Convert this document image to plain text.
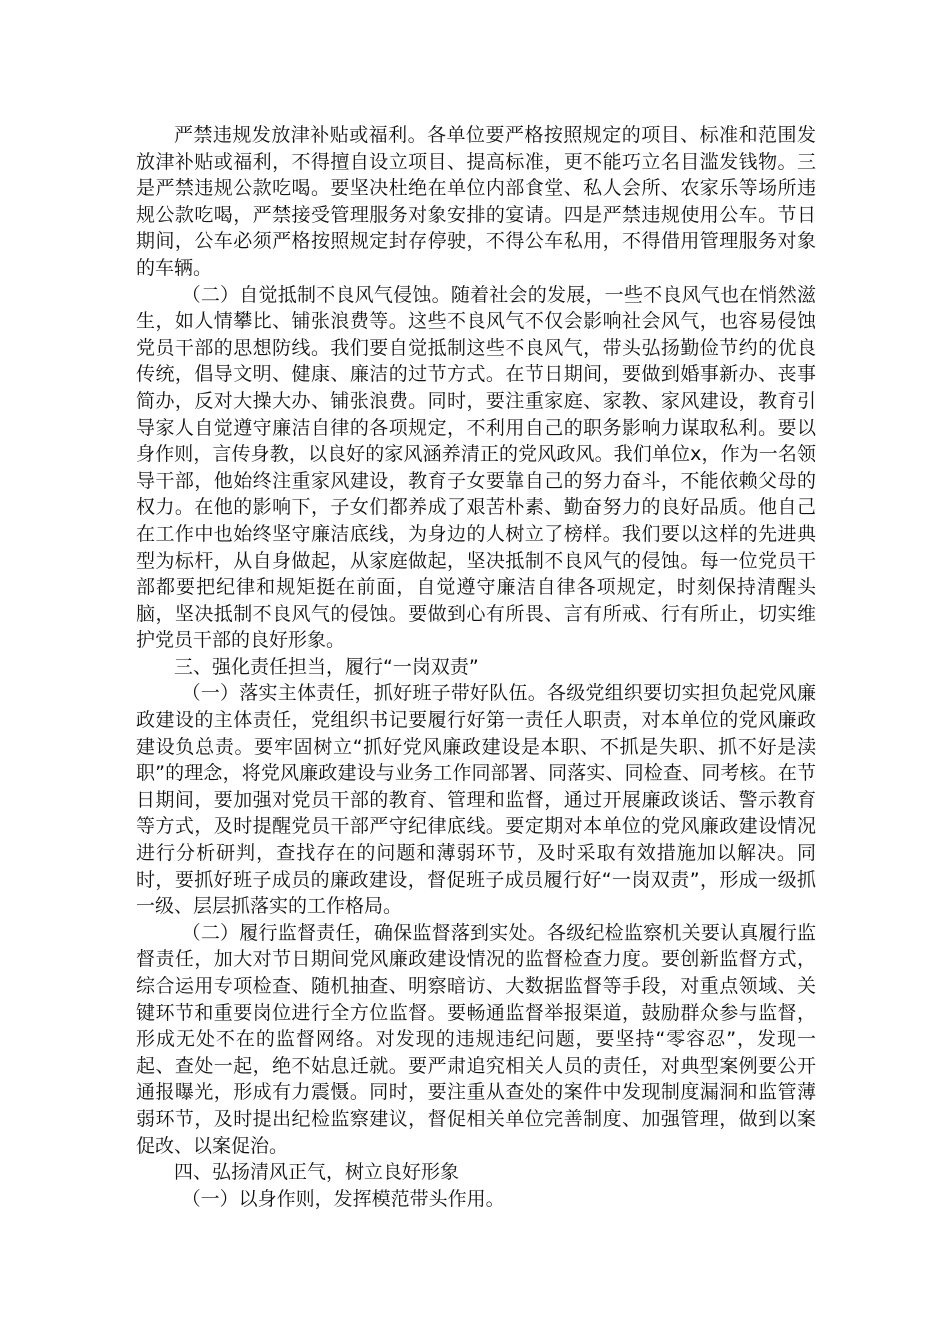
严禁违规发放津补贴或福利。各单位要严格按照规定的项目、标准和范围发放津补贴或福利，不得擅自设立项目、提高标准，更不能巧立名目滥发钱物。三是严禁违规公款吃喝。要坚决杜绝在单位内部食堂、私人会所、农家乐等场所违规公款吃喝，严禁接受管理服务对象安排的宴请。四是严禁违规使用公车。节日期间，公车必须严格按照规定封存停驶，不得公车私用，不得借用管理服务对象的车辆。

（二）自觉抵制不良风气侵蚀。随着社会的发展，一些不良风气也在悄然滋生，如人情攀比、铺张浪费等。这些不良风气不仅会影响社会风气，也容易侵蚀党员干部的思想防线。我们要自觉抵制这些不良风气，带头弘扬勤俭节约的优良传统，倡导文明、健康、廉洁的过节方式。在节日期间，要做到婚事新办、丧事简办，反对大操大办、铺张浪费。同时，要注重家庭、家教、家风建设，教育引导家人自觉遵守廉洁自律的各项规定，不利用自己的职务影响力谋取私利。要以身作则，言传身教，以良好的家风涵养清正的党风政风。我们单位x，作为一名领导干部，他始终注重家风建设，教育子女要靠自己的努力奋斗，不能依赖父母的权力。在他的影响下，子女们都养成了艰苦朴素、勤奋努力的良好品质。他自己在工作中也始终坚守廉洁底线，为身边的人树立了榜样。我们要以这样的先进典型为标杆，从自身做起，从家庭做起，坚决抵制不良风气的侵蚀。每一位党员干部都要把纪律和规矩挺在前面，自觉遵守廉洁自律各项规定，时刻保持清醒头脑，坚决抵制不良风气的侵蚀。要做到心有所畏、言有所戒、行有所止，切实维护党员干部的良好形象。

三、强化责任担当，履行“一岗双责”

（一）落实主体责任，抓好班子带好队伍。各级党组织要切实担负起党风廉政建设的主体责任，党组织书记要履行好第一责任人职责，对本单位的党风廉政建设负总责。要牢固树立“抓好党风廉政建设是本职、不抓是失职、抓不好是渎职”的理念，将党风廉政建设与业务工作同部署、同落实、同检查、同考核。在节日期间，要加强对党员干部的教育、管理和监督，通过开展廉政谈话、警示教育等方式，及时提醒党员干部严守纪律底线。要定期对本单位的党风廉政建设情况进行分析研判，查找存在的问题和薄弱环节，及时采取有效措施加以解决。同时，要抓好班子成员的廉政建设，督促班子成员履行好“一岗双责”，形成一级抓一级、层层抓落实的工作格局。

（二）履行监督责任，确保监督落到实处。各级纪检监察机关要认真履行监督责任，加大对节日期间党风廉政建设情况的监督检查力度。要创新监督方式，综合运用专项检查、随机抽查、明察暗访、大数据监督等手段，对重点领域、关键环节和重要岗位进行全方位监督。要畅通监督举报渠道，鼓励群众参与监督，形成无处不在的监督网络。对发现的违规违纪问题，要坚持“零容忍”，发现一起、查处一起，绝不姑息迁就。要严肃追究相关人员的责任，对典型案例要公开通报曝光，形成有力震慑。同时，要注重从查处的案件中发现制度漏洞和监管薄弱环节，及时提出纪检监察建议，督促相关单位完善制度、加强管理，做到以案促改、以案促治。

四、弘扬清风正气，树立良好形象

（一）以身作则，发挥模范带头作用。
